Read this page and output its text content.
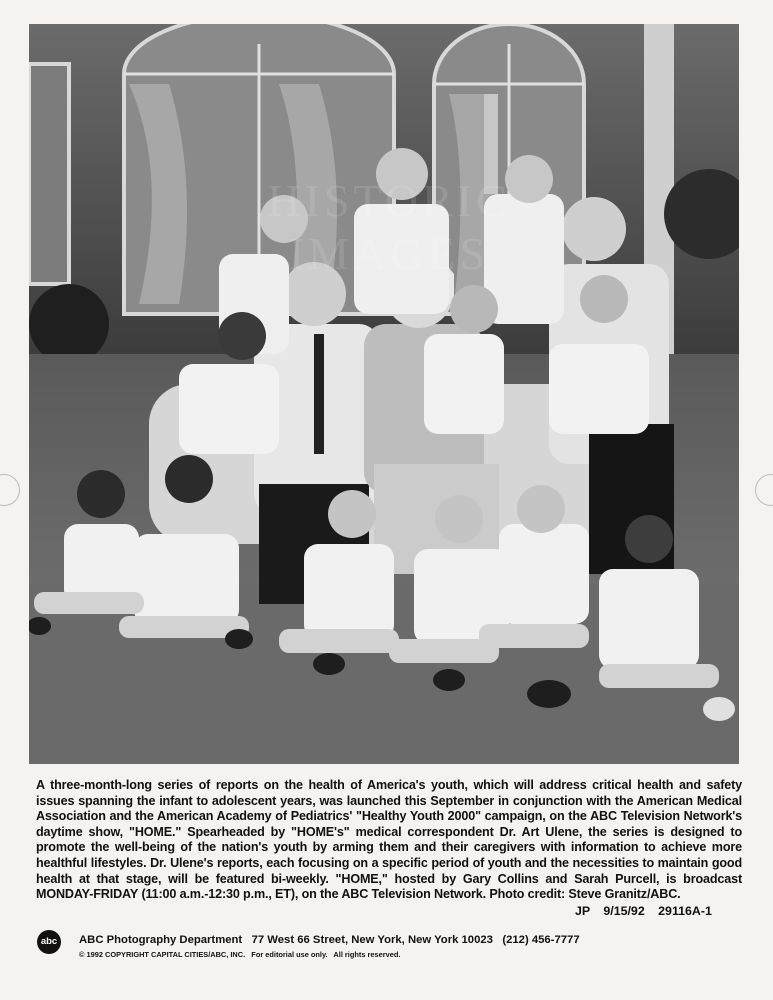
HISTORIC IMAGES
A three-month-long series of reports on the health of America's youth, which will address critical health and safety issues spanning the infant to adolescent years, was launched this September in conjunction with the American Medical Association and the American Academy of Pediatrics' "Healthy Youth 2000" campaign, on the ABC Television Network's daytime show, "HOME." Spearheaded by "HOME's" medical correspondent Dr. Art Ulene, the series is designed to promote the well-being of the nation's youth by arming them and their caregivers with information to achieve more healthful lifestyles. Dr. Ulene's reports, each focusing on a specific period of youth and the necessities to maintain good health at that stage, will be featured bi-weekly. "HOME," hosted by Gary Collins and Sarah Purcell, is broadcast MONDAY-FRIDAY (11:00 a.m.-12:30 p.m., ET), on the ABC Television Network. Photo credit: Steve Granitz/ABC.
JP 9/15/92 29116A-1
abc	ABC Photography Department   77 West 66 Street, New York, New York 10023   (212) 456-7777
© 1992 COPYRIGHT CAPITAL CITIES/ABC, INC.   For editorial use only.   All rights reserved.
